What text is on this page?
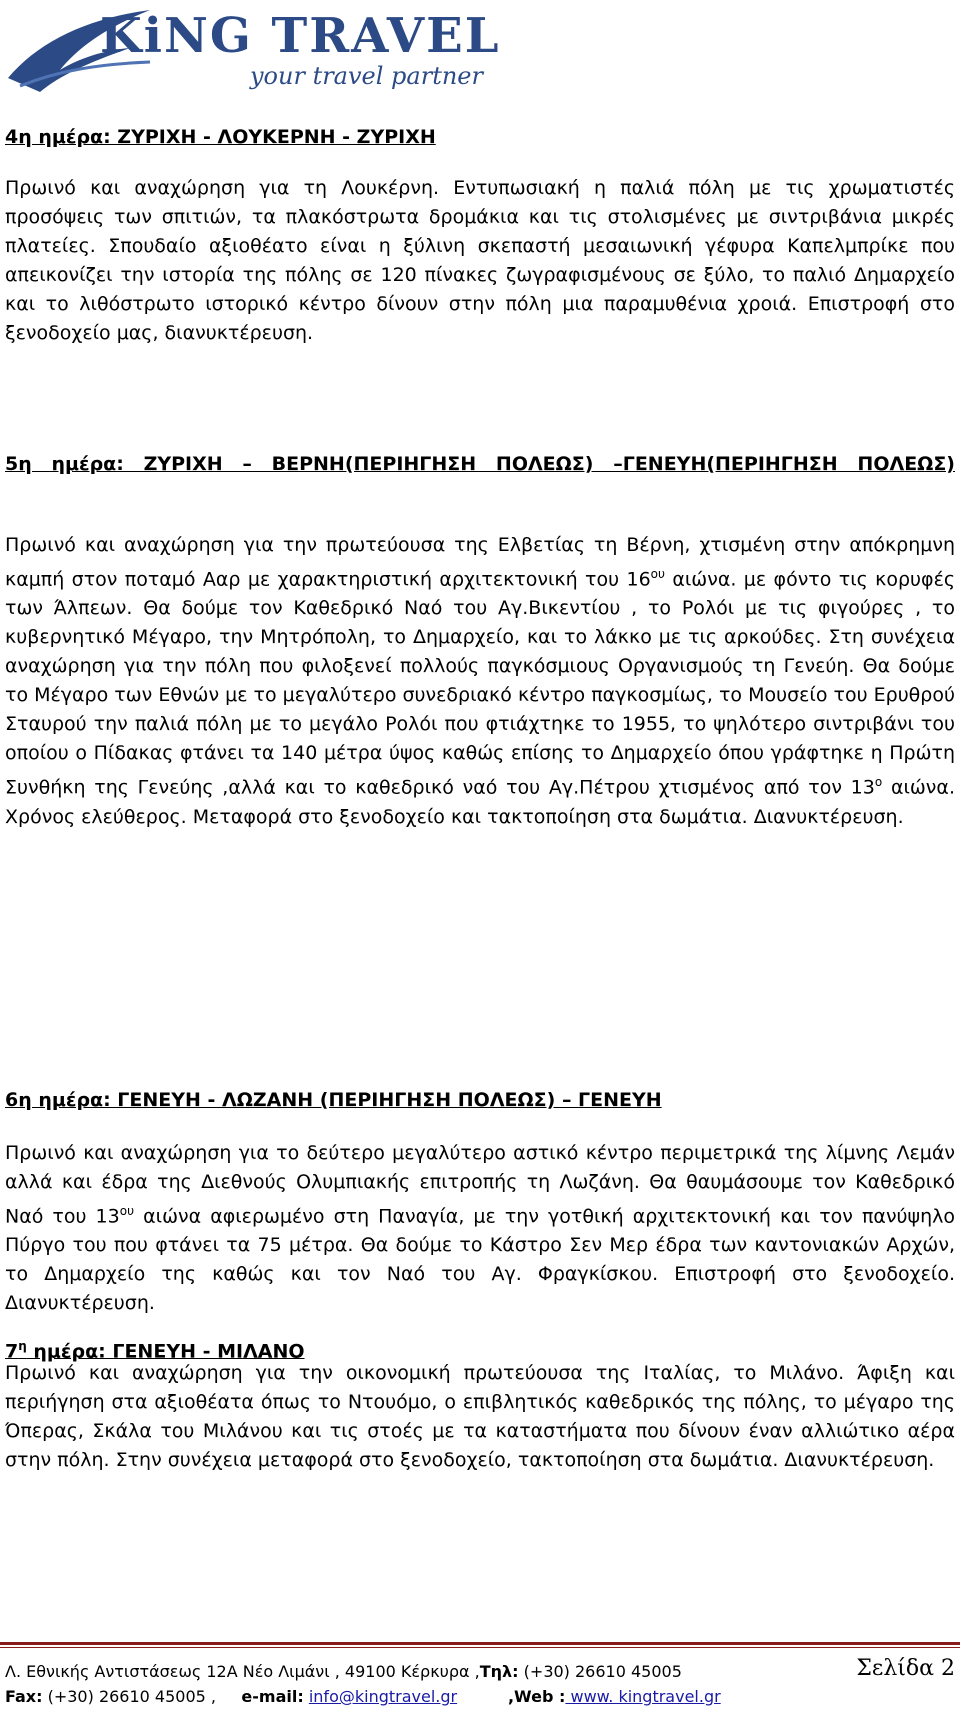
KiNG TRAVEL
your travel partner
4η ημέρα: ΖΥΡΙΧΗ - ΛΟΥΚΕΡΝΗ - ΖΥΡΙΧΗ

Πρωινό και αναχώρηση για τη Λουκέρνη. Εντυπωσιακή η παλιά πόλη με τις χρωματιστές προσόψεις των σπιτιών, τα πλακόστρωτα δρομάκια και τις στολισμένες με σιντριβάνια μικρές πλατείες. Σπουδαίο αξιοθέατο είναι η ξύλινη σκεπαστή μεσαιωνική γέφυρα Καπελμπρίκε που απεικονίζει την ιστορία της πόλης σε 120 πίνακες ζωγραφισμένους σε ξύλο, το παλιό Δημαρχείο και το λιθόστρωτο ιστορικό κέντρο δίνουν στην πόλη μια παραμυθένια χροιά. Επιστροφή στο ξενοδοχείο μας, διανυκτέρευση.

5η ημέρα: ΖΥΡΙΧΗ – ΒΕΡΝΗ(ΠΕΡΙΗΓΗΣΗ ΠΟΛΕΩΣ) –ΓΕΝΕΥΗ(ΠΕΡΙΗΓΗΣΗ ΠΟΛΕΩΣ)

Πρωινό και αναχώρηση για την πρωτεύουσα της Ελβετίας τη Βέρνη, χτισμένη στην απόκρημνη καμπή στον ποταμό Ααρ με χαρακτηριστική αρχιτεκτονική του $16^{o\upsilon}$ αιώνα. με φόντο τις κορυφές των Άλπεων. Θα δούμε τον Καθεδρικό Ναό του Αγ.Βικεντίου , το Ρολόι με τις φιγούρες , το κυβερνητικό Μέγαρο, την Μητρόπολη, το Δημαρχείο, και το λάκκο με τις αρκούδες. Στη συνέχεια αναχώρηση για την πόλη που φιλοξενεί πολλούς παγκόσμιους Οργανισμούς τη Γενεύη. Θα δούμε το Μέγαρο των Εθνών με το μεγαλύτερο συνεδριακό κέντρο παγκοσμίως, το Μουσείο του Ερυθρού Σταυρού την παλιά πόλη με το μεγάλο Ρολόι που φτιάχτηκε το 1955, το ψηλότερο σιντριβάνι του οποίου ο Πίδακας φτάνει τα 140 μέτρα ύψος καθώς επίσης το Δημαρχείο όπου γράφτηκε η Πρώτη Συνθήκη της Γενεύης ,αλλά και το καθεδρικό ναό του Αγ.Πέτρου χτισμένος από τον $13^o$ αιώνα. Χρόνος ελεύθερος. Μεταφορά στο ξενοδοχείο και τακτοποίηση στα δωμάτια. Διανυκτέρευση.

6η ημέρα: ΓΕΝΕΥΗ - ΛΩΖΑΝΗ (ΠΕΡΙΗΓΗΣΗ ΠΟΛΕΩΣ) – ΓΕΝΕΥΗ

Πρωινό και αναχώρηση για το δεύτερο μεγαλύτερο αστικό κέντρο περιμετρικά της λίμνης Λεμάν αλλά και έδρα της Διεθνούς Ολυμπιακής επιτροπής τη Λωζάνη. Θα θαυμάσουμε τον Καθεδρικό Ναό του $13^{o\upsilon}$ αιώνα αφιερωμένο στη Παναγία, με την γοτθική αρχιτεκτονική και τον πανύψηλο Πύργο του που φτάνει τα 75 μέτρα. Θα δούμε το Κάστρο Σεν Μερ έδρα των καντονιακών Αρχών, το Δημαρχείο της καθώς και τον Ναό του Αγ. Φραγκίσκου. Επιστροφή στο ξενοδοχείο. Διανυκτέρευση.

$7^\eta$ ημέρα: ΓΕΝΕΥΗ - ΜΙΛΑΝΟ

Πρωινό και αναχώρηση για την οικονομική πρωτεύουσα της Ιταλίας, το Μιλάνο. Άφιξη και περιήγηση στα αξιοθέατα όπως το Ντουόμο, ο επιβλητικός καθεδρικός της πόλης, το μέγαρο της Όπερας, Σκάλα του Μιλάνου και τις στοές με τα καταστήματα που δίνουν έναν αλλιώτικο αέρα στην πόλη. Στην συνέχεια μεταφορά στο ξενοδοχείο, τακτοποίηση στα δωμάτια. Διανυκτέρευση.

Λ. Εθνικής Αντιστάσεως 12Α Νέο Λιμάνι , 49100 Κέρκυρα ,Τηλ: (+30) 26610 45005	Σελίδα 2
Fax: (+30) 26610 45005 ,     e-mail: info@kingtravel.gr	,Web : www. kingtravel.gr
